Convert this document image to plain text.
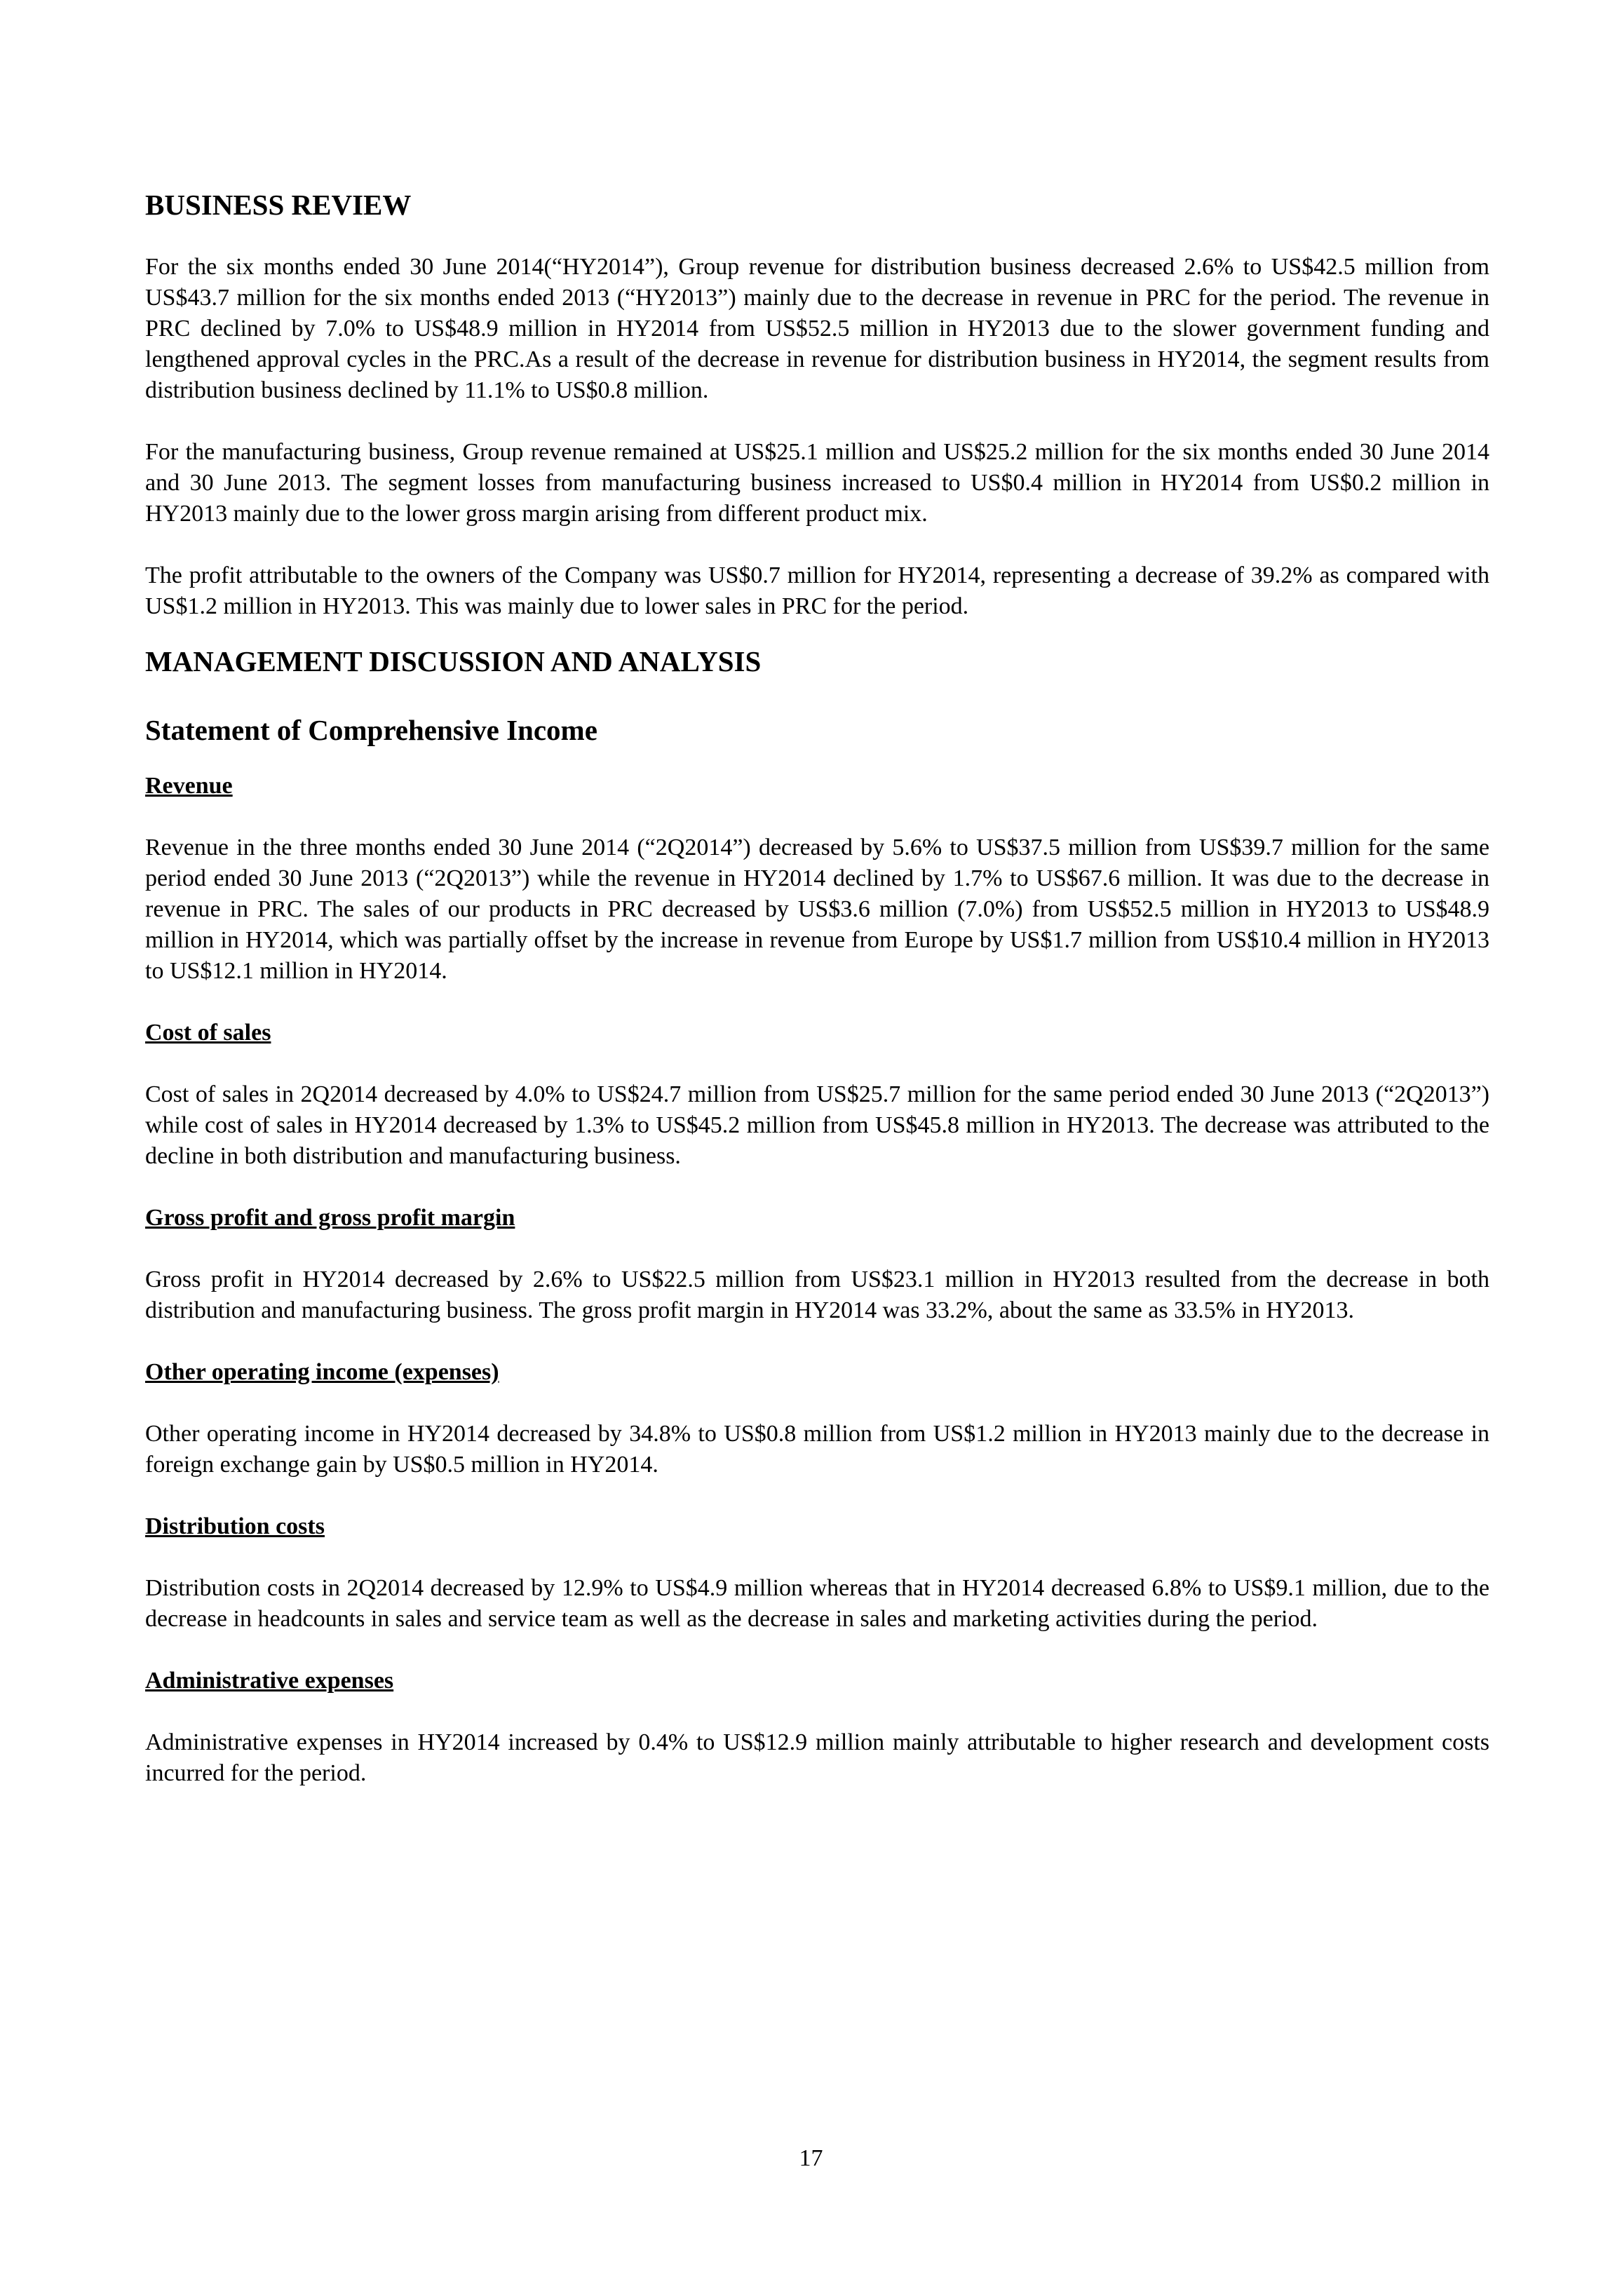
BUSINESS REVIEW

For the six months ended 30 June 2014(“HY2014”), Group revenue for distribution business decreased 2.6% to US$42.5 million from US$43.7 million for the six months ended 2013 (“HY2013”) mainly due to the decrease in revenue in PRC for the period. The revenue in PRC declined by 7.0% to US$48.9 million in HY2014 from US$52.5 million in HY2013 due to the slower government funding and lengthened approval cycles in the PRC.As a result of the decrease in revenue for distribution business in HY2014, the segment results from distribution business declined by 11.1% to US$0.8 million.

For the manufacturing business, Group revenue remained at US$25.1 million and US$25.2 million for the six months ended 30 June 2014 and 30 June 2013. The segment losses from manufacturing business increased to US$0.4 million in HY2014 from US$0.2 million in HY2013 mainly due to the lower gross margin arising from different product mix.

The profit attributable to the owners of the Company was US$0.7 million for HY2014, representing a decrease of 39.2% as compared with US$1.2 million in HY2013. This was mainly due to lower sales in PRC for the period.

MANAGEMENT DISCUSSION AND ANALYSIS
Statement of Comprehensive Income
Revenue

Revenue in the three months ended 30 June 2014 (“2Q2014”) decreased by 5.6% to US$37.5 million from US$39.7 million for the same period ended 30 June 2013 (“2Q2013”) while the revenue in HY2014 declined by 1.7% to US$67.6 million. It was due to the decrease in revenue in PRC. The sales of our products in PRC decreased by US$3.6 million (7.0%) from US$52.5 million in HY2013 to US$48.9 million in HY2014, which was partially offset by the increase in revenue from Europe by US$1.7 million from US$10.4 million in HY2013 to US$12.1 million in HY2014.

Cost of sales

Cost of sales in 2Q2014 decreased by 4.0% to US$24.7 million from US$25.7 million for the same period ended 30 June 2013 (“2Q2013”) while cost of sales in HY2014 decreased by 1.3% to US$45.2 million from US$45.8 million in HY2013. The decrease was attributed to the decline in both distribution and manufacturing business.

Gross profit and gross profit margin

Gross profit in HY2014 decreased by 2.6% to US$22.5 million from US$23.1 million in HY2013 resulted from the decrease in both distribution and manufacturing business. The gross profit margin in HY2014 was 33.2%, about the same as 33.5% in HY2013.

Other operating income (expenses)

Other operating income in HY2014 decreased by 34.8% to US$0.8 million from US$1.2 million in HY2013 mainly due to the decrease in foreign exchange gain by US$0.5 million in HY2014.

Distribution costs

Distribution costs in 2Q2014 decreased by 12.9% to US$4.9 million whereas that in HY2014 decreased 6.8% to US$9.1 million, due to the decrease in headcounts in sales and service team as well as the decrease in sales and marketing activities during the period.

Administrative expenses

Administrative expenses in HY2014 increased by 0.4% to US$12.9 million mainly attributable to higher research and development costs incurred for the period.

17
